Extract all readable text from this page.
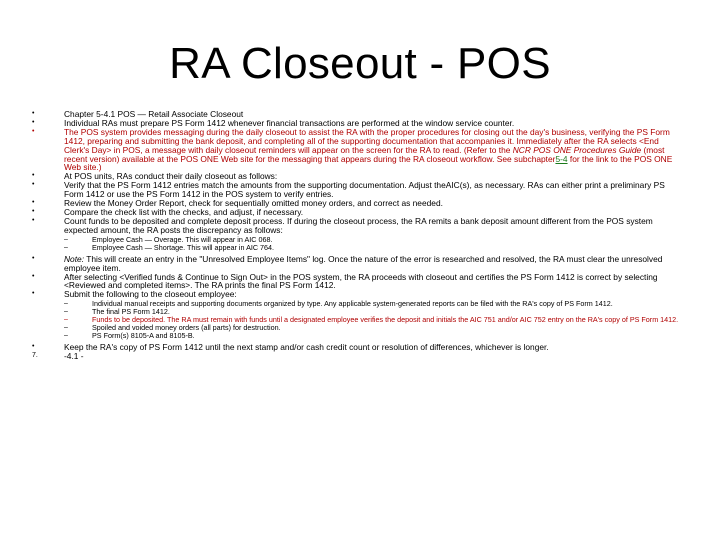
RA Closeout - POS
•	Chapter 5-4.1 POS — Retail Associate Closeout
•	Individual RAs must prepare PS Form 1412 whenever financial transactions are performed at the window service counter.
•	The POS system provides messaging during the daily closeout to assist the RA with the proper procedures for closing out the day's business, verifying the PS Form 1412, preparing and submitting the bank deposit, and completing all of the supporting documentation that accompanies it. Immediately after the RA selects <End Clerk's Day> in POS, a message with daily closeout reminders will appear on the screen for the RA to read. (Refer to the NCR POS ONE Procedures Guide (most recent version) available at the POS ONE Web site for the messaging that appears during the RA closeout workflow. See subchapter5-4 for the link to the POS ONE Web site.)
•	At POS units, RAs conduct their daily closeout as follows:
•	Verify that the PS Form 1412 entries match the amounts from the supporting documentation. Adjust theAIC(s), as necessary. RAs can either print a preliminary PS Form 1412 or use the PS Form 1412 in the POS system to verify entries.
•	Review the Money Order Report, check for sequentially omitted money orders, and correct as needed.
•	Compare the check list with the checks, and adjust, if necessary.
•	Count funds to be deposited and complete deposit process. If during the closeout process, the RA remits a bank deposit amount different from the POS system expected amount, the RA posts the discrepancy as follows:
–	Employee Cash — Overage. This will appear in AIC 068.
–	Employee Cash — Shortage. This will appear in AIC 764.
•	Note: This will create an entry in the "Unresolved Employee Items" log. Once the nature of the error is researched and resolved, the RA must clear the unresolved employee item.
•	After selecting <Verified funds & Continue to Sign Out> in the POS system, the RA proceeds with closeout and certifies the PS Form 1412 is correct by selecting <Reviewed and completed items>. The RA prints the final PS Form 1412.
•	Submit the following to the closeout employee:
–	Individual manual receipts and supporting documents organized by type. Any applicable system-generated reports can be filed with the RA's copy of PS Form 1412.
–	The final PS Form 1412.
–	Funds to be deposited. The RA must remain with funds until a designated employee verifies the deposit and initials the AIC 751 and/or AIC 752 entry on the RA's copy of PS Form 1412.
–	Spoiled and voided money orders (all parts) for destruction.
–	PS Form(s) 8105-A and 8105-B.
•	Keep the RA's copy of PS Form 1412 until the next stamp and/or cash credit count or resolution of differences, whichever is longer.
7.	-4.1 -
